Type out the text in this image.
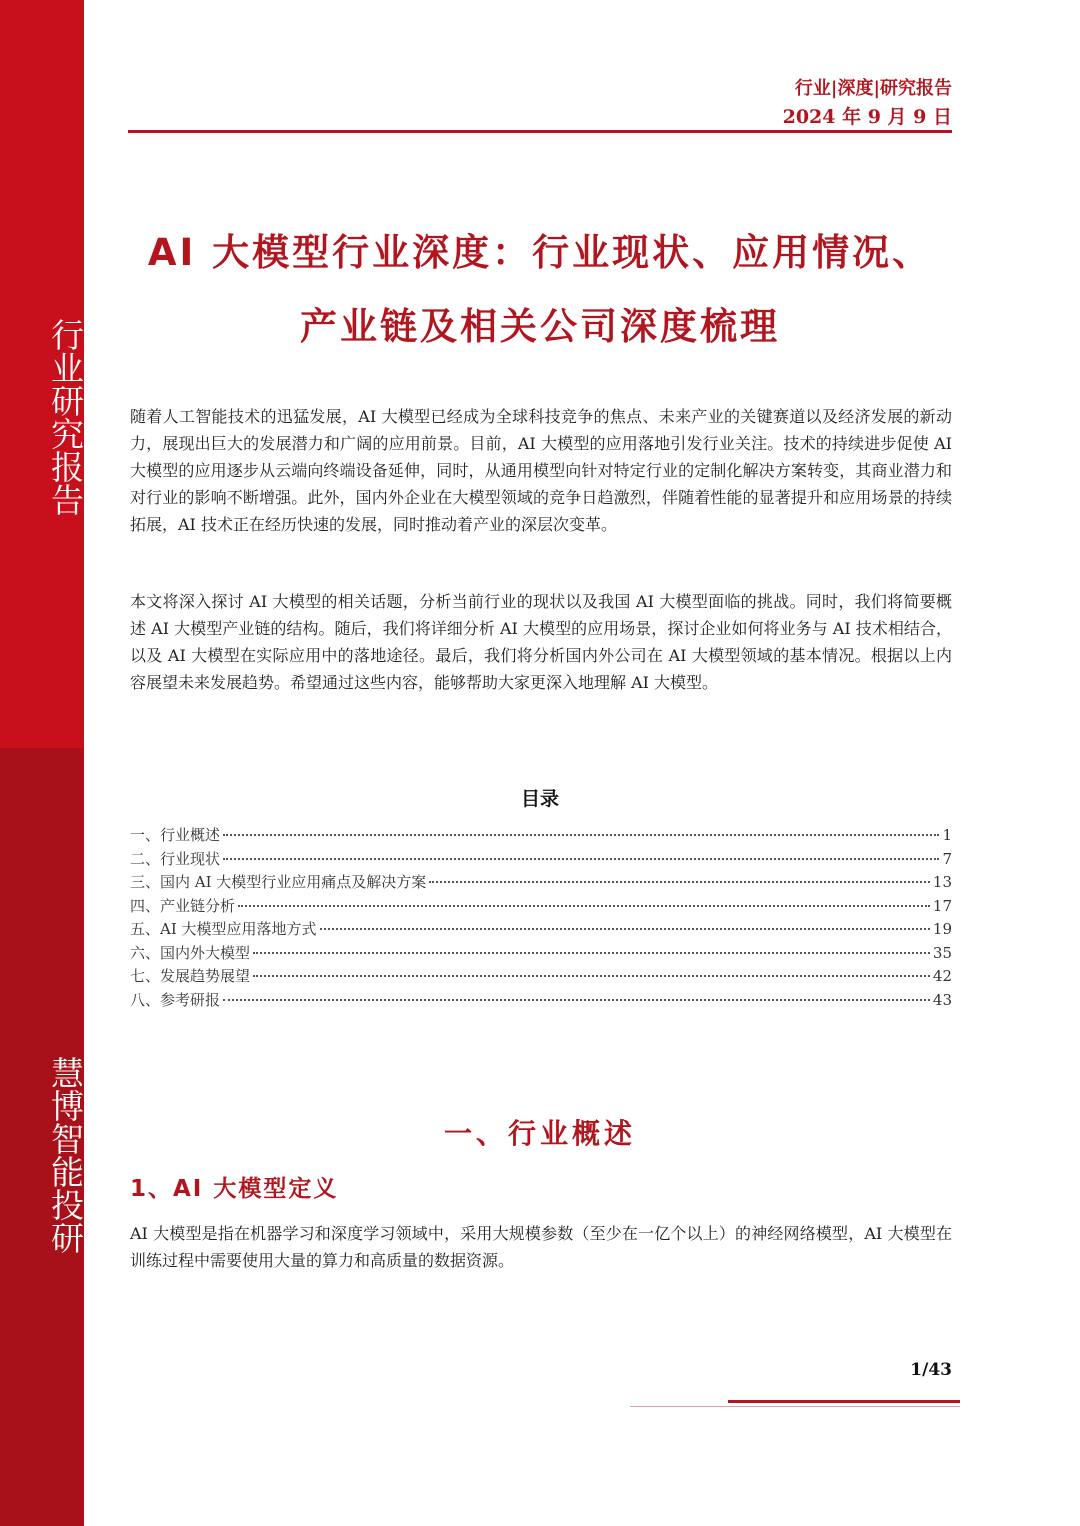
行业研究报告
慧博智能投研
行业|深度|研究报告
2024 年 9 月 9 日
AI 大模型行业深度：行业现状、应用情况、
产业链及相关公司深度梳理
随着人工智能技术的迅猛发展，AI 大模型已经成为全球科技竞争的焦点、未来产业的关键赛道以及经济发展的新动力，展现出巨大的发展潜力和广阔的应用前景。目前，AI 大模型的应用落地引发行业关注。技术的持续进步促使 AI 大模型的应用逐步从云端向终端设备延伸，同时，从通用模型向针对特定行业的定制化解决方案转变，其商业潜力和对行业的影响不断增强。此外，国内外企业在大模型领域的竞争日趋激烈，伴随着性能的显著提升和应用场景的持续拓展，AI 技术正在经历快速的发展，同时推动着产业的深层次变革。
本文将深入探讨 AI 大模型的相关话题，分析当前行业的现状以及我国 AI 大模型面临的挑战。同时，我们将简要概述 AI 大模型产业链的结构。随后，我们将详细分析 AI 大模型的应用场景，探讨企业如何将业务与 AI 技术相结合，以及 AI 大模型在实际应用中的落地途径。最后，我们将分析国内外公司在 AI 大模型领域的基本情况。根据以上内容展望未来发展趋势。希望通过这些内容，能够帮助大家更深入地理解 AI 大模型。
目录
一、行业概述	1
二、行业现状	7
三、国内 AI 大模型行业应用痛点及解决方案	13
四、产业链分析	17
五、AI 大模型应用落地方式	19
六、国内外大模型	35
七、发展趋势展望	42
八、参考研报	43
一、行业概述
1、AI 大模型定义
AI 大模型是指在机器学习和深度学习领域中，采用大规模参数（至少在一亿个以上）的神经网络模型，AI 大模型在训练过程中需要使用大量的算力和高质量的数据资源。
1/43
